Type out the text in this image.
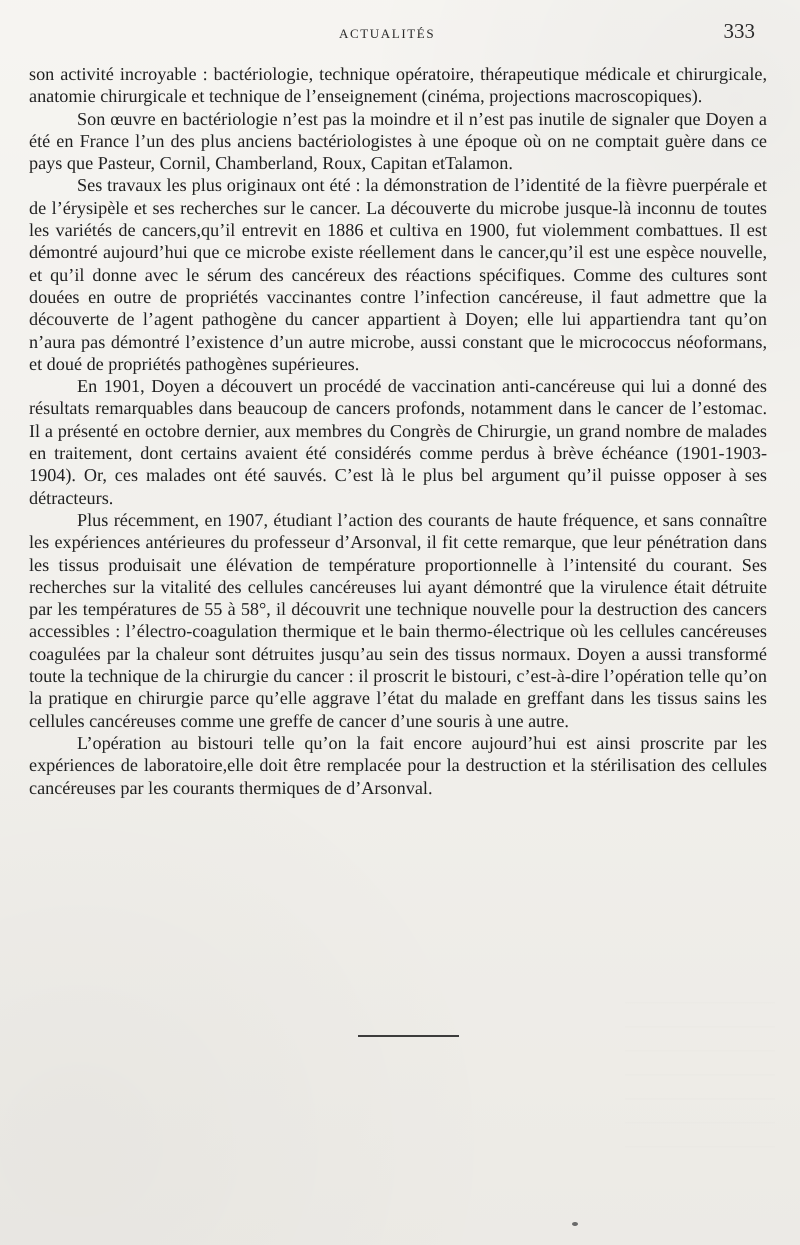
ACTUALITÉS	333

son activité incroyable : bactériologie, technique opératoire, thérapeutique médicale et chirurgicale, anatomie chirurgicale et technique de l’enseignement (cinéma, projections macroscopiques).

Son œuvre en bactériologie n’est pas la moindre et il n’est pas inutile de signaler que Doyen a été en France l’un des plus anciens bactériologistes à une époque où on ne comptait guère dans ce pays que Pasteur, Cornil, Chamberland, Roux, Capitan etTalamon.

Ses travaux les plus originaux ont été : la démonstration de l’identité de la fièvre puerpérale et de l’érysipèle et ses recherches sur le cancer. La découverte du microbe jusque-là inconnu de toutes les variétés de cancers,qu’il entrevit en 1886 et cultiva en 1900, fut violemment combattues. Il est démontré aujourd’hui que ce microbe existe réellement dans le cancer,qu’il est une espèce nouvelle, et qu’il donne avec le sérum des cancéreux des réactions spécifiques. Comme des cultures sont douées en outre de propriétés vaccinantes contre l’infection cancéreuse, il faut admettre que la découverte de l’agent pathogène du cancer appartient à Doyen; elle lui appartiendra tant qu’on n’aura pas démontré l’existence d’un autre microbe, aussi constant que le micrococcus néoformans, et doué de propriétés pathogènes supérieures.

En 1901, Doyen a découvert un procédé de vaccination anti-cancéreuse qui lui a donné des résultats remarquables dans beaucoup de cancers profonds, notamment dans le cancer de l’estomac. Il a présenté en octobre dernier, aux membres du Congrès de Chirurgie, un grand nombre de malades en traitement, dont certains avaient été considérés comme perdus à brève échéance (1901-1903-1904). Or, ces malades ont été sauvés. C’est là le plus bel argument qu’il puisse opposer à ses détracteurs.

Plus récemment, en 1907, étudiant l’action des courants de haute fréquence, et sans connaître les expériences antérieures du professeur d’Arsonval, il fit cette remarque, que leur pénétration dans les tissus produisait une élévation de température proportionnelle à l’intensité du courant. Ses recherches sur la vitalité des cellules cancéreuses lui ayant démontré que la virulence était détruite par les températures de 55 à 58°, il découvrit une technique nouvelle pour la destruction des cancers accessibles : l’électro-coagulation thermique et le bain thermo-électrique où les cellules cancéreuses coagulées par la chaleur sont détruites jusqu’au sein des tissus normaux. Doyen a aussi transformé toute la technique de la chirurgie du cancer : il proscrit le bistouri, c’est-à-dire l’opération telle qu’on la pratique en chirurgie parce qu’elle aggrave l’état du malade en greffant dans les tissus sains les cellules cancéreuses comme une greffe de cancer d’une souris à une autre.

L’opération au bistouri telle qu’on la fait encore aujourd’hui est ainsi proscrite par les expériences de laboratoire,elle doit être remplacée pour la destruction et la stérilisation des cellules cancéreuses par les courants thermiques de d’Arsonval.
